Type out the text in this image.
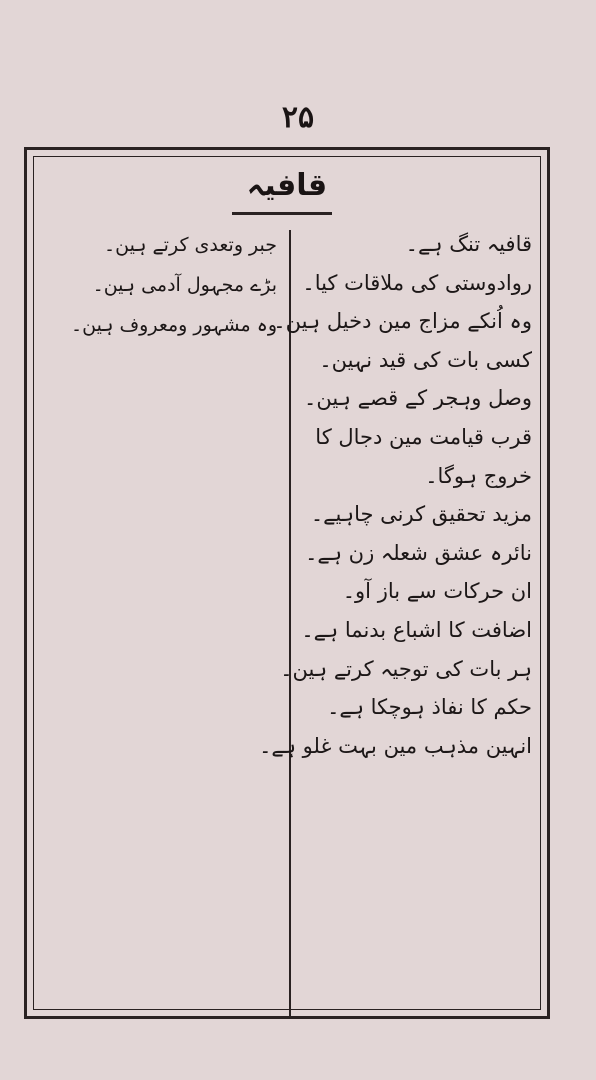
۲۵
قافیہ

قافیہ تنگ ہے۔

روادوستی کی ملاقات کیا۔

وہ اُنکے مزاج مین دخیل ہین۔

کسی بات کی قید نہین۔

وصل وہجر کے قصے ہین۔

قرب قیامت مین دجال کا

خروج ہوگا۔

مزید تحقیق کرنی چاہیے۔

نائرہ عشق شعلہ زن ہے۔

ان حرکات سے باز آو۔

اضافت کا اشباع بدنما ہے۔

ہر بات کی توجیہ کرتے ہین۔

حکم کا نفاذ ہوچکا ہے۔

انہین مذہب مین بہت غلو ہے۔

جبر وتعدی کرتے ہین۔

بڑے مجہول آدمی ہین۔

وہ مشہور ومعروف ہین۔
